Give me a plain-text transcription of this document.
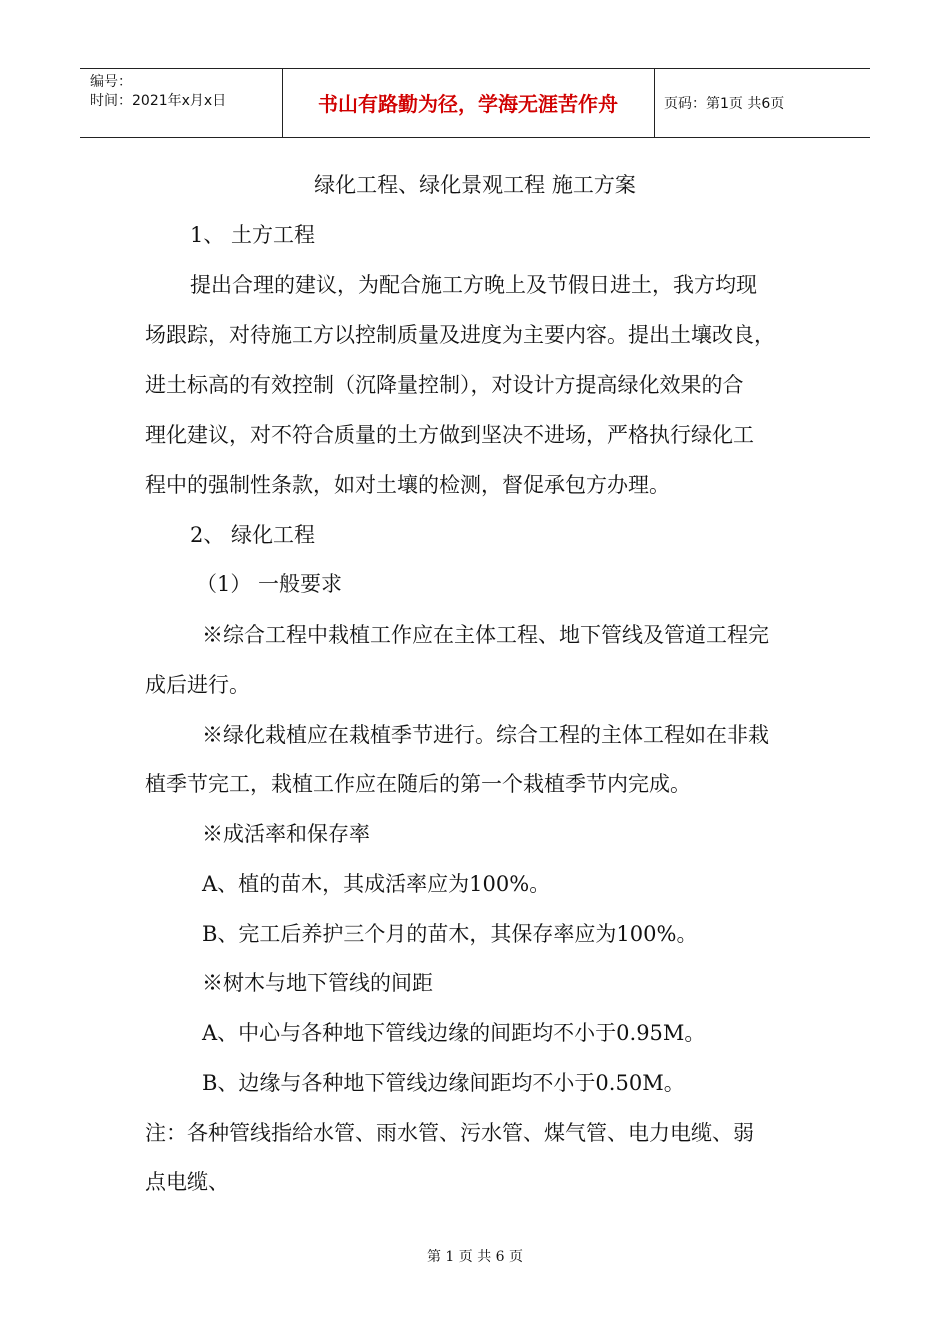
编号：
时间：2021年x月x日	书山有路勤为径，学海无涯苦作舟	页码：第1页 共6页
绿化工程、绿化景观工程 施工方案
1、 土方工程
提出合理的建议，为配合施工方晚上及节假日进土，我方均现
场跟踪，对待施工方以控制质量及进度为主要内容。提出土壤改良，
进土标高的有效控制（沉降量控制），对设计方提高绿化效果的合
理化建议，对不符合质量的土方做到坚决不进场，严格执行绿化工
程中的强制性条款，如对土壤的检测，督促承包方办理。
2、 绿化工程
（1） 一般要求
※综合工程中栽植工作应在主体工程、地下管线及管道工程完
成后进行。
※绿化栽植应在栽植季节进行。综合工程的主体工程如在非栽
植季节完工，栽植工作应在随后的第一个栽植季节内完成。
※成活率和保存率
A、植的苗木，其成活率应为100%。
B、完工后养护三个月的苗木，其保存率应为100%。
※树木与地下管线的间距
A、中心与各种地下管线边缘的间距均不小于0.95M。
B、边缘与各种地下管线边缘间距均不小于0.50M。
注：各种管线指给水管、雨水管、污水管、煤气管、电力电缆、弱
点电缆、
第 1 页 共 6 页
